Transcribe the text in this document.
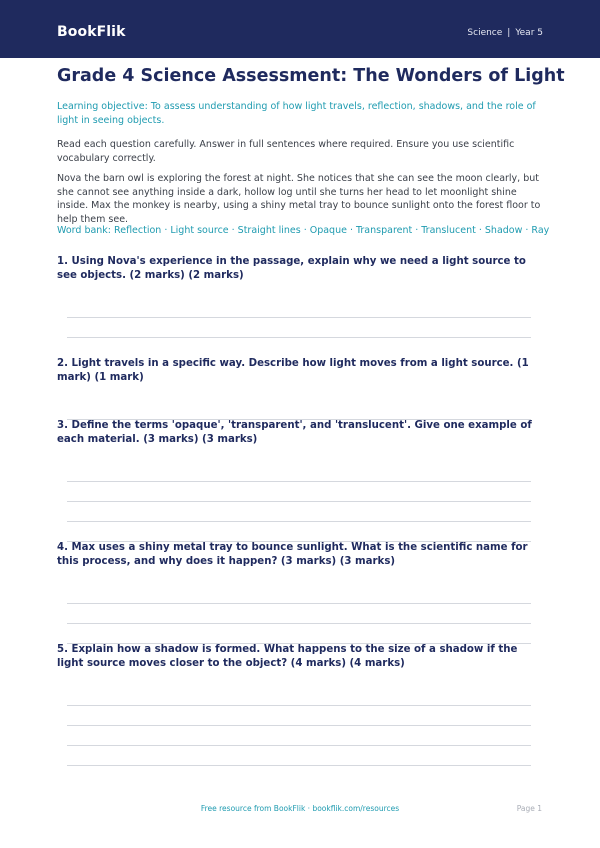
BookFlik	Science | Year 5
Grade 4 Science Assessment: The Wonders of Light

Learning objective: To assess understanding of how light travels, reflection, shadows, and the role of light in seeing objects.

Read each question carefully. Answer in full sentences where required. Ensure you use scientific vocabulary correctly.

Nova the barn owl is exploring the forest at night. She notices that she can see the moon clearly, but she cannot see anything inside a dark, hollow log until she turns her head to let moonlight shine inside. Max the monkey is nearby, using a shiny metal tray to bounce sunlight onto the forest floor to help them see.

Word bank: Reflection · Light source · Straight lines · Opaque · Transparent · Translucent · Shadow · Ray

1. Using Nova's experience in the passage, explain why we need a light source to see objects. (2 marks) (2 marks)

2. Light travels in a specific way. Describe how light moves from a light source. (1 mark) (1 mark)

3. Define the terms 'opaque', 'transparent', and 'translucent'. Give one example of each material. (3 marks) (3 marks)

4. Max uses a shiny metal tray to bounce sunlight. What is the scientific name for this process, and why does it happen? (3 marks) (3 marks)

5. Explain how a shadow is formed. What happens to the size of a shadow if the light source moves closer to the object? (4 marks) (4 marks)

Free resource from BookFlik · bookflik.com/resources	Page 1
